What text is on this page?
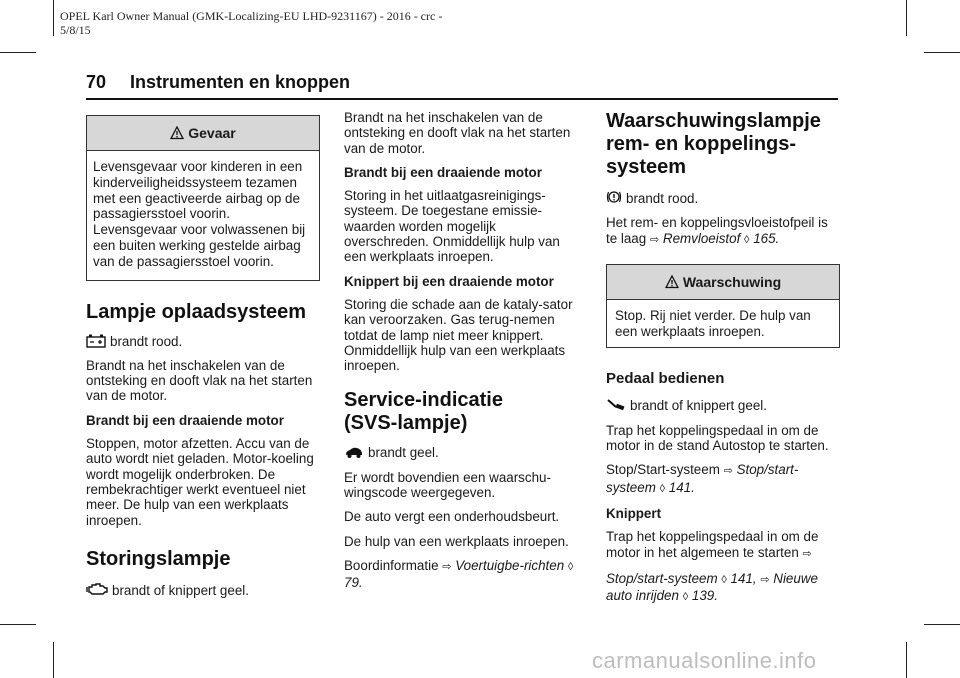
OPEL Karl Owner Manual (GMK-Localizing-EU LHD-9231167) - 2016 - crc -
5/8/15
70 Instrumenten en knoppen
Gevaar
Levensgevaar voor kinderen in een kinderveiligheidssysteem tezamen met een geactiveerde airbag op de passagiersstoel voorin. Levensgevaar voor volwassenen bij een buiten werking gestelde airbag van de passagiersstoel voorin.
Lampje oplaadsysteem

brandt rood.

Brandt na het inschakelen van de ontsteking en dooft vlak na het starten van de motor.

Brandt bij een draaiende motor

Stoppen, motor afzetten. Accu van de auto wordt niet geladen. Motor-koeling wordt mogelijk onderbroken. De rembekrachtiger werkt eventueel niet meer. De hulp van een werkplaats inroepen.

Storingslampje

brandt of knippert geel.

Brandt na het inschakelen van de ontsteking en dooft vlak na het starten van de motor.

Brandt bij een draaiende motor

Storing in het uitlaatgasreinigings-systeem. De toegestane emissie-waarden worden mogelijk overschreden. Onmiddellijk hulp van een werkplaats inroepen.

Knippert bij een draaiende motor

Storing die schade aan de kataly-sator kan veroorzaken. Gas terug-nemen totdat de lamp niet meer knippert. Onmiddellijk hulp van een werkplaats inroepen.

Service-indicatie
(SVS-lampje)

brandt geel.

Er wordt bovendien een waarschu-wingscode weergegeven.

De auto vergt een onderhoudsbeurt.

De hulp van een werkplaats inroepen.

Boordinformatie ⇨ Voertuigbe-richten ◊ 79.

Waarschuwingslampje
rem- en koppelings-
systeem

brandt rood.

Het rem- en koppelingsvloeistofpeil is te laag ⇨ Remvloeistof ◊ 165.

Waarschuwing
Stop. Rij niet verder. De hulp van een werkplaats inroepen.
Pedaal bedienen

brandt of knippert geel.

Trap het koppelingspedaal in om de motor in de stand Autostop te starten.

Stop/Start-systeem ⇨ Stop/start-systeem ◊ 141.

Knippert

Trap het koppelingspedaal in om de motor in het algemeen te starten ⇨

Stop/start-systeem ◊ 141, ⇨ Nieuwe auto inrijden ◊ 139.

carmanualsonline.info
